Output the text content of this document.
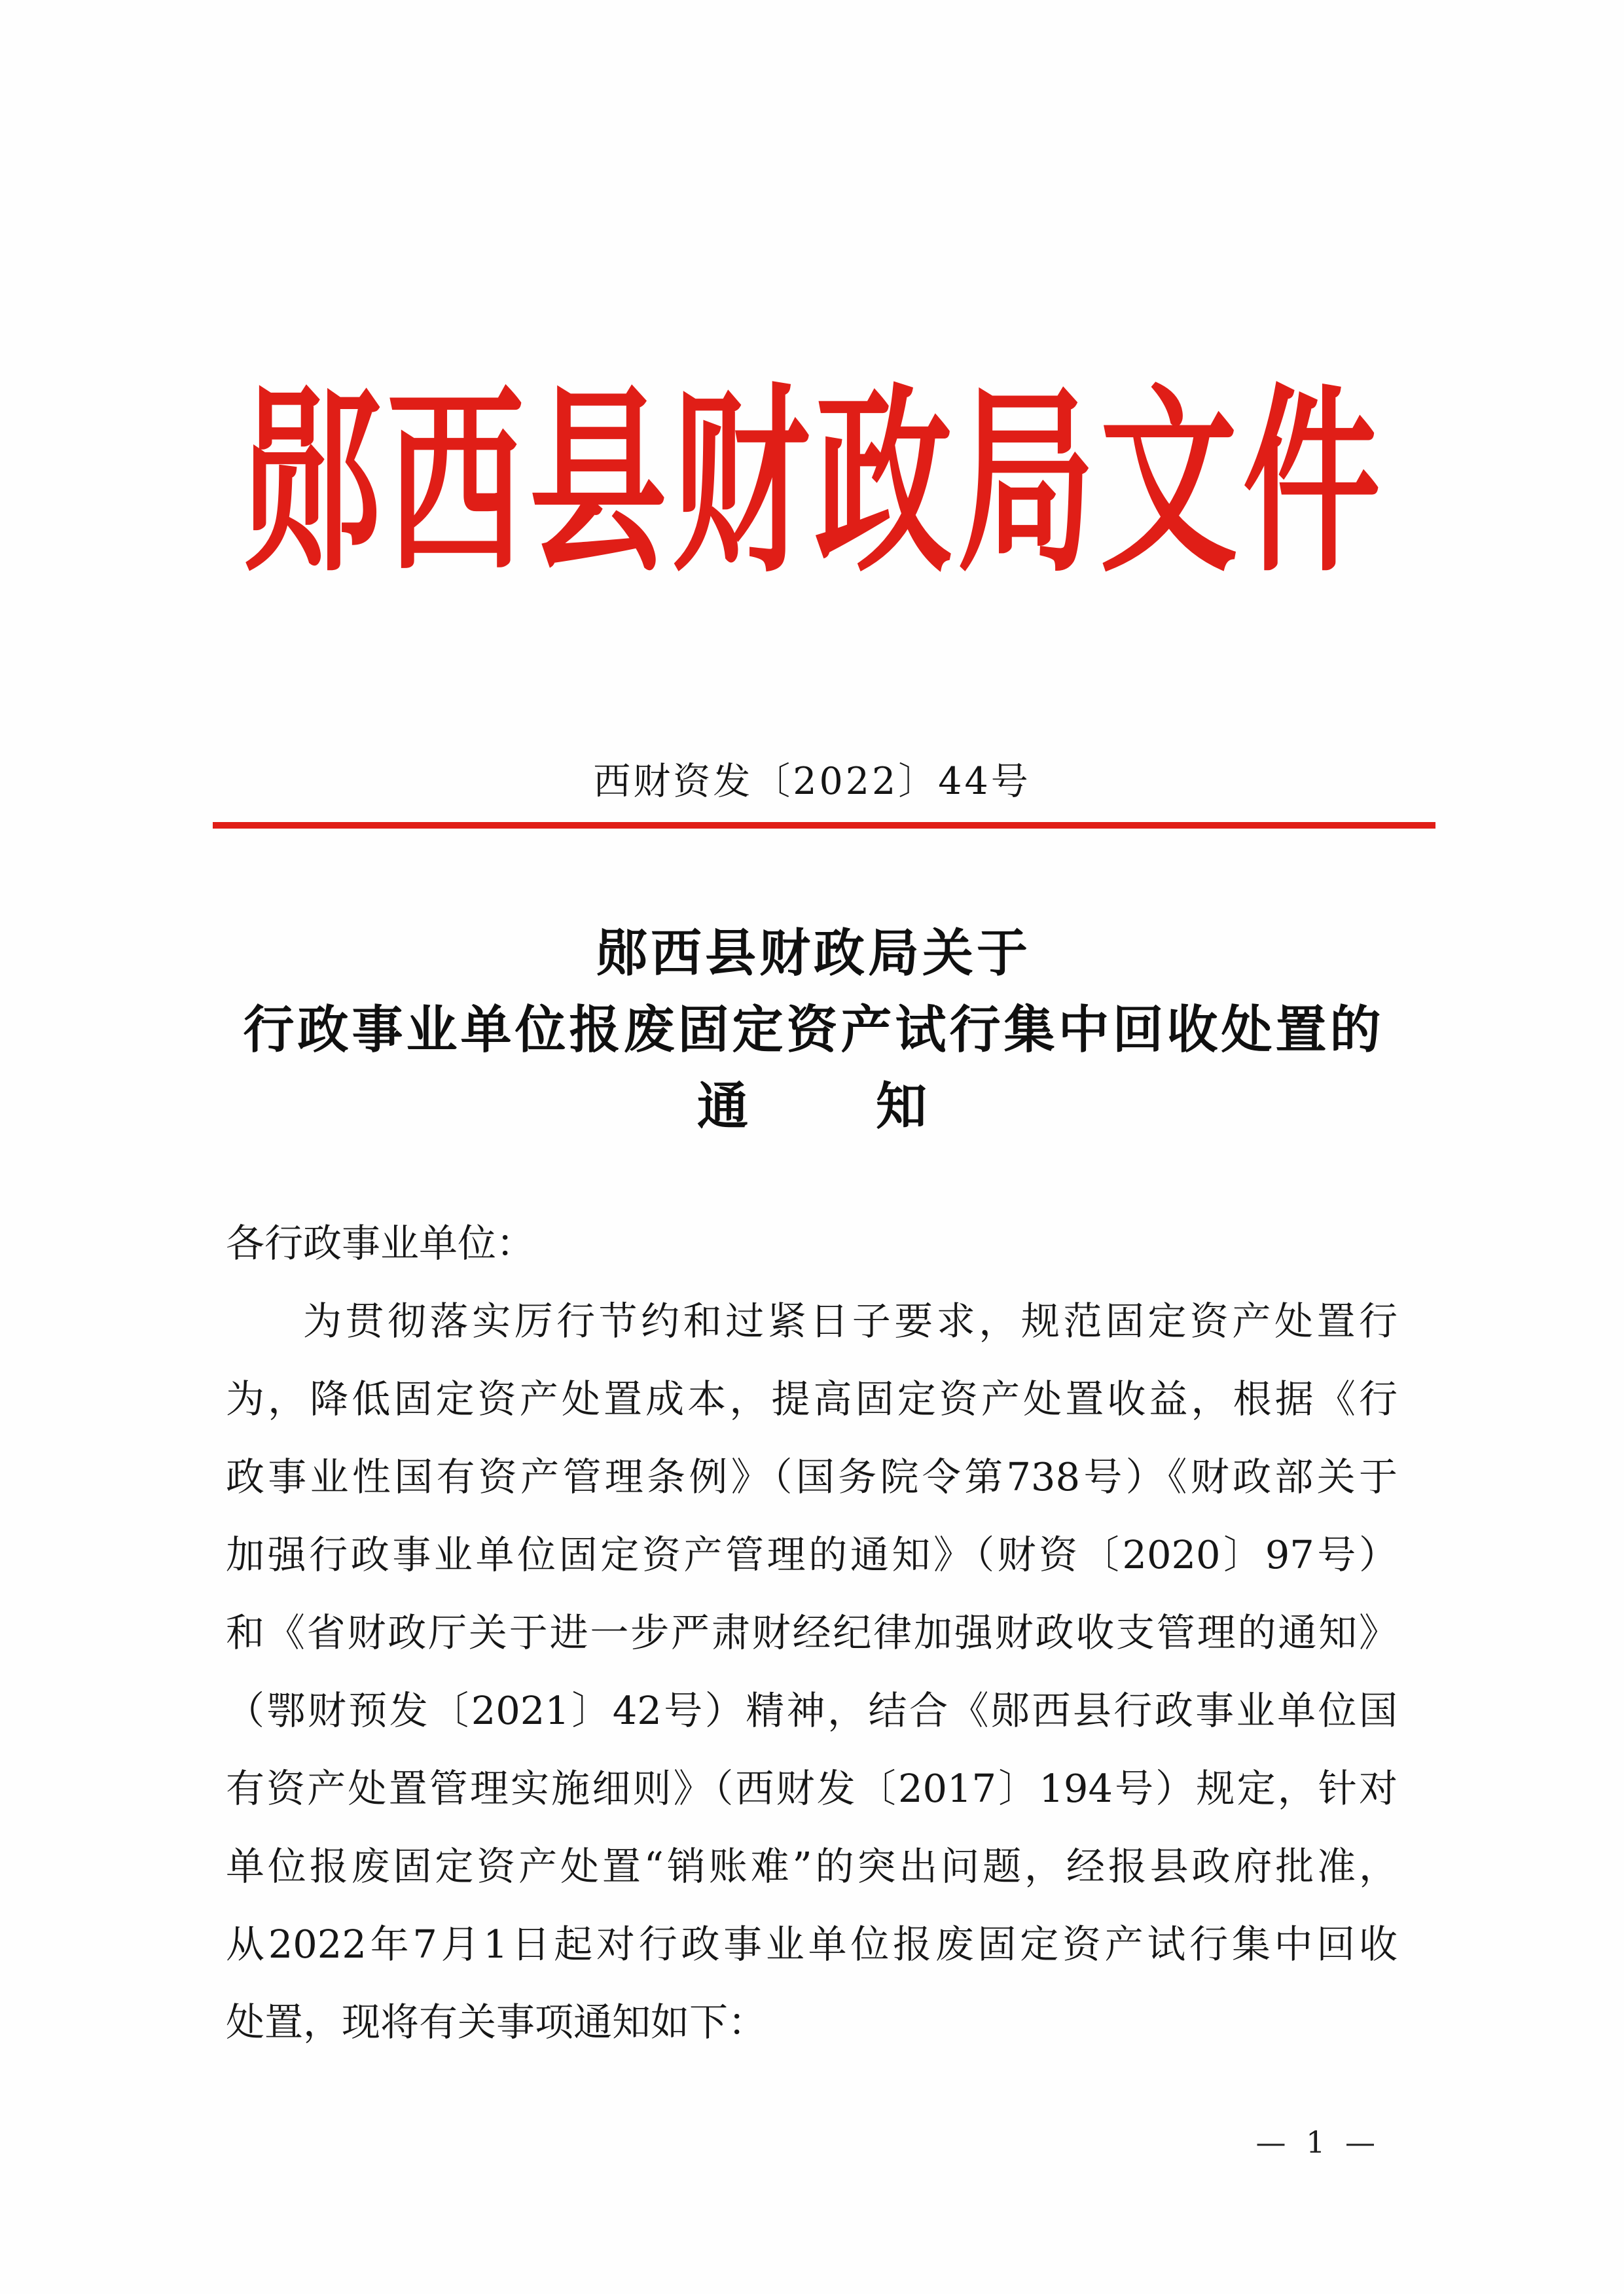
郧西县财政局文件
西财资发〔2022〕44号
郧西县财政局关于
行政事业单位报废固定资产试行集中回收处置的
通知
各行政事业单位：
为贯彻落实厉行节约和过紧日子要求，规范固定资产处置行
为，降低固定资产处置成本，提高固定资产处置收益，根据《行
政事业性国有资产管理条例》（国务院令第738号）《财政部关于
加强行政事业单位固定资产管理的通知》（财资〔2020〕97号）
和《省财政厅关于进一步严肃财经纪律加强财政收支管理的通知》
（鄂财预发〔2021〕42号）精神，结合《郧西县行政事业单位国
有资产处置管理实施细则》（西财发〔2017〕194号）规定，针对
单位报废固定资产处置“销账难”的突出问题，经报县政府批准，
从2022年7月1日起对行政事业单位报废固定资产试行集中回收
处置，现将有关事项通知如下：
— 1 —
